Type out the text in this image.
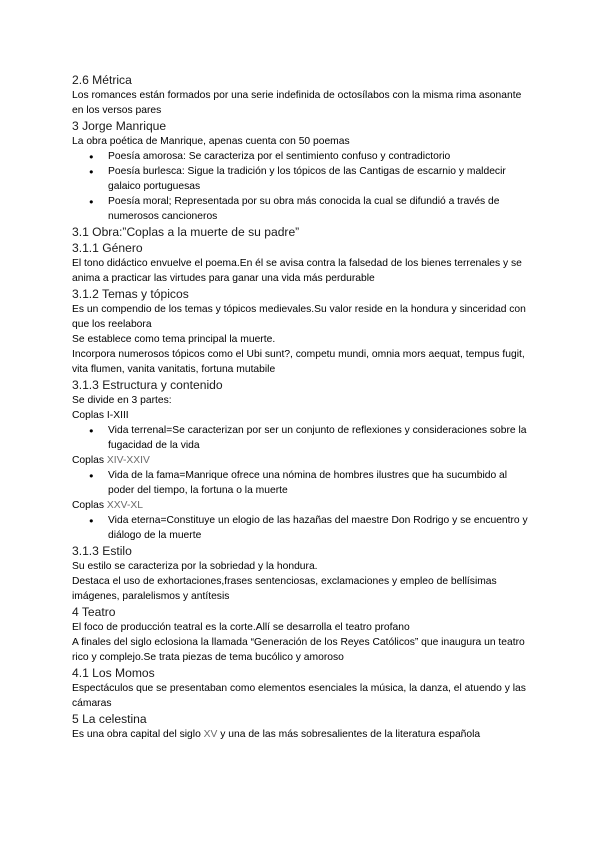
2.6 Métrica
Los romances están formados por una serie indefinida de octosílabos con la misma rima asonante en los versos pares
3 Jorge Manrique
La obra poética de Manrique, apenas cuenta con 50 poemas
● Poesía amorosa: Se caracteriza por el sentimiento confuso y contradictorio
● Poesía burlesca: Sigue la tradición y los tópicos de las Cantigas de escarnio y maldecir galaico portuguesas
● Poesía moral; Representada por su obra más conocida la cual se difundió a través de numerosos cancioneros
3.1 Obra:”Coplas a la muerte de su padre”
3.1.1 Género
El tono didáctico envuelve el poema.En él se avisa contra la falsedad de los bienes terrenales y se anima a practicar las virtudes para ganar una vida más perdurable
3.1.2 Temas y tópicos
Es un compendio de los temas y tópicos medievales.Su valor reside en la hondura y sinceridad con que los reelabora
Se establece como tema principal la muerte.
Incorpora numerosos tópicos como el Ubi sunt?, competu mundi, omnia mors aequat, tempus fugit, vita flumen, vanita vanitatis, fortuna mutabile
3.1.3 Estructura y contenido
Se divide en 3 partes:
Coplas I-XIII
● Vida terrenal=Se caracterizan por ser un conjunto de reflexiones y consideraciones sobre la fugacidad de la vida
Coplas XIV-XXIV
● Vida de la fama=Manrique ofrece una nómina de hombres ilustres que ha sucumbido al poder del tiempo, la fortuna o la muerte
Coplas XXV-XL
● Vida eterna=Constituye un elogio de las hazañas del maestre Don Rodrigo y se encuentro y diálogo de la muerte
3.1.3 Estilo
Su estilo se caracteriza por la sobriedad y la hondura.
Destaca el uso de exhortaciones,frases sentenciosas, exclamaciones y empleo de bellísimas imágenes, paralelismos y antítesis
4 Teatro
El foco de producción teatral es la corte.Allí se desarrolla el teatro profano
A finales del siglo eclosiona la llamada “Generación de los Reyes Católicos” que inaugura un teatro rico y complejo.Se trata piezas de tema bucólico y amoroso
4.1 Los Momos
Espectáculos que se presentaban como elementos esenciales la música, la danza, el atuendo y las cámaras
5 La celestina
Es una obra capital del siglo XV y una de las más sobresalientes de la literatura española
